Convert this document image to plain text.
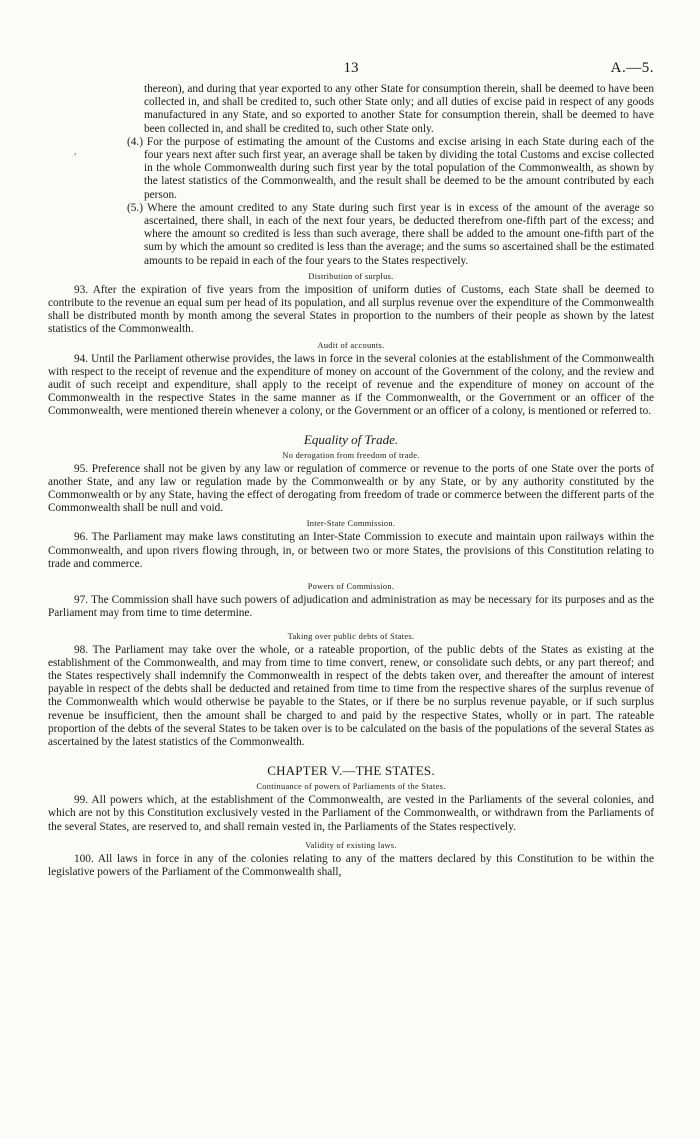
13	A.—5.
,

thereon), and during that year exported to any other State for consumption therein, shall be deemed to have been collected in, and shall be credited to, such other State only; and all duties of excise paid in respect of any goods manufactured in any State, and so exported to another State for consumption therein, shall be deemed to have been collected in, and shall be credited to, such other State only.

(4.) For the purpose of estimating the amount of the Customs and excise arising in each State during each of the four years next after such first year, an average shall be taken by dividing the total Customs and excise collected in the whole Commonwealth during such first year by the total population of the Commonwealth, as shown by the latest statistics of the Commonwealth, and the result shall be deemed to be the amount contributed by each person.

(5.) Where the amount credited to any State during such first year is in excess of the amount of the average so ascertained, there shall, in each of the next four years, be deducted therefrom one-fifth part of the excess; and where the amount so credited is less than such average, there shall be added to the amount one-fifth part of the sum by which the amount so credited is less than the average; and the sums so ascertained shall be the estimated amounts to be repaid in each of the four years to the States respectively.

Distribution of surplus.

93. After the expiration of five years from the imposition of uniform duties of Customs, each State shall be deemed to contribute to the revenue an equal sum per head of its population, and all surplus revenue over the expenditure of the Commonwealth shall be distributed month by month among the several States in proportion to the numbers of their people as shown by the latest statistics of the Commonwealth.

Audit of accounts.

94. Until the Parliament otherwise provides, the laws in force in the several colonies at the establishment of the Commonwealth with respect to the receipt of revenue and the expenditure of money on account of the Government of the colony, and the review and audit of such receipt and expenditure, shall apply to the receipt of revenue and the expenditure of money on account of the Commonwealth in the respective States in the same manner as if the Commonwealth, or the Government or an officer of the Commonwealth, were mentioned therein whenever a colony, or the Government or an officer of a colony, is mentioned or referred to.

Equality of Trade.
No derogation from freedom of trade.

95. Preference shall not be given by any law or regulation of commerce or revenue to the ports of one State over the ports of another State, and any law or regulation made by the Commonwealth or by any State, or by any authority constituted by the Commonwealth or by any State, having the effect of derogating from freedom of trade or commerce between the different parts of the Commonwealth shall be null and void.

Inter-State Commission.

96. The Parliament may make laws constituting an Inter-State Commission to execute and maintain upon railways within the Commonwealth, and upon rivers flowing through, in, or between two or more States, the provisions of this Constitution relating to trade and commerce.

Powers of Commission.

97. The Commission shall have such powers of adjudication and administration as may be necessary for its purposes and as the Parliament may from time to time determine.

Taking over public debts of States.

98. The Parliament may take over the whole, or a rateable proportion, of the public debts of the States as existing at the establishment of the Commonwealth, and may from time to time convert, renew, or consolidate such debts, or any part thereof; and the States respectively shall indemnify the Commonwealth in respect of the debts taken over, and thereafter the amount of interest payable in respect of the debts shall be deducted and retained from time to time from the respective shares of the surplus revenue of the Commonwealth which would otherwise be payable to the States, or if there be no surplus revenue payable, or if such surplus revenue be insufficient, then the amount shall be charged to and paid by the respective States, wholly or in part. The rateable proportion of the debts of the several States to be taken over is to be calculated on the basis of the populations of the several States as ascertained by the latest statistics of the Commonwealth.

CHAPTER V.—THE STATES.
Continuance of powers of Parliaments of the States.

99. All powers which, at the establishment of the Commonwealth, are vested in the Parliaments of the several colonies, and which are not by this Constitution exclusively vested in the Parliament of the Commonwealth, or withdrawn from the Parliaments of the several States, are reserved to, and shall remain vested in, the Parliaments of the States respectively.

Validity of existing laws.

100. All laws in force in any of the colonies relating to any of the matters declared by this Constitution to be within the legislative powers of the Parliament of the Commonwealth shall,
